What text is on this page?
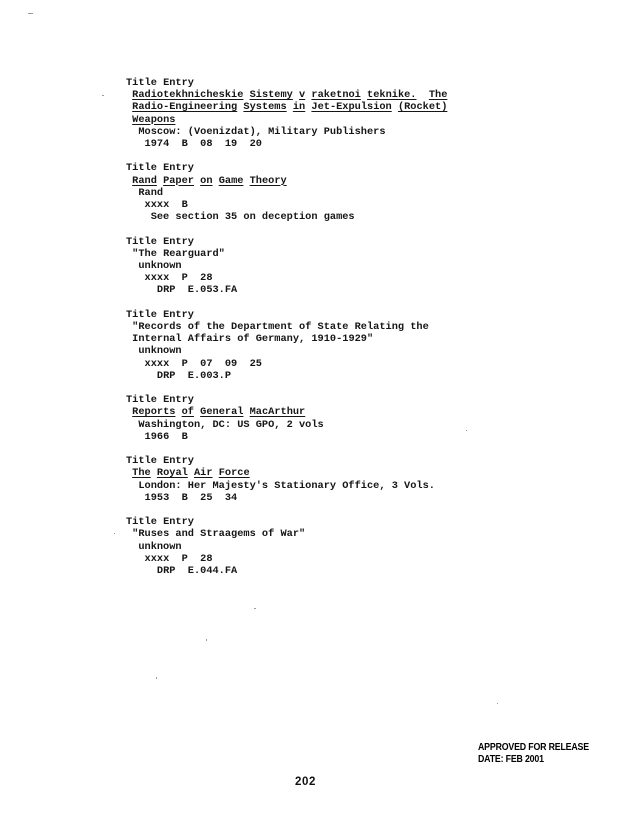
Title Entry
Radiotekhnicheskie Sistemy v raketnoi teknike. The
Radio-Engineering Systems in Jet-Expulsion (Rocket)
Weapons
Moscow: (Voenizdat), Military Publishers
1974  B  08  19  20
Title Entry
Rand Paper on Game Theory
Rand
xxxx  B
See section 35 on deception games
Title Entry
"The Rearguard"
unknown
xxxx  P  28
DRP  E.053.FA
Title Entry
"Records of the Department of State Relating the
Internal Affairs of Germany, 1910-1929"
unknown
xxxx  P  07  09  25
DRP  E.003.P
Title Entry
Reports of General MacArthur
Washington, DC: US GPO, 2 vols
1966  B
Title Entry
The Royal Air Force
London: Her Majesty's Stationary Office, 3 Vols.
1953  B  25  34
Title Entry
"Ruses and Straagems of War"
unknown
xxxx  P  28
DRP  E.044.FA
APPROVED FOR RELEASE
DATE: FEB 2001
202
